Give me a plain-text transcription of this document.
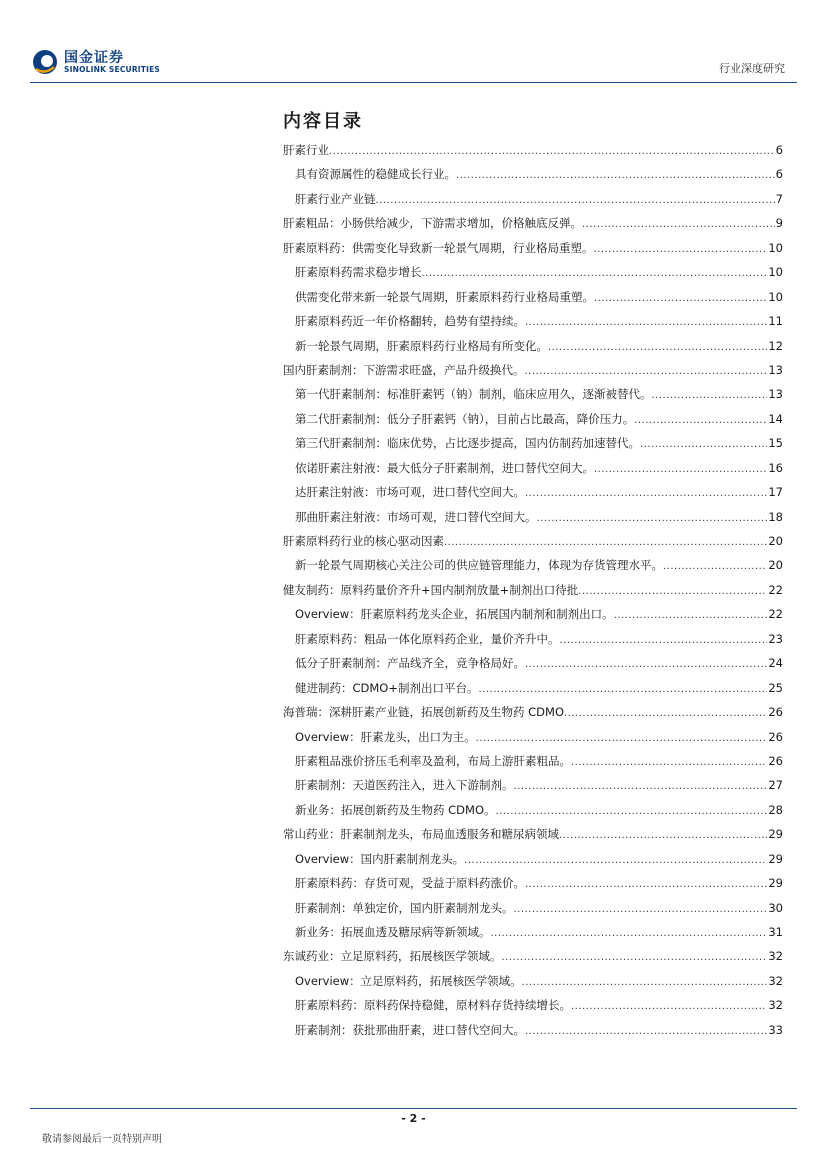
国金证券
SINOLINK SECURITIES	行业深度研究
内容目录
肝素行业 .....	6
具有资源属性的稳健成长行业。 .....	6
肝素行业产业链 .....	7
肝素粗品：小肠供给减少，下游需求增加，价格触底反弹。 .....	9
肝素原料药：供需变化导致新一轮景气周期，行业格局重塑。 .....	10
肝素原料药需求稳步增长 .....	10
供需变化带来新一轮景气周期，肝素原料药行业格局重塑。 .....	10
肝素原料药近一年价格翻转，趋势有望持续。 .....	11
新一轮景气周期，肝素原料药行业格局有所变化。 .....	12
国内肝素制剂：下游需求旺盛，产品升级换代。 .....	13
第一代肝素制剂：标准肝素钙（钠）制剂，临床应用久，逐渐被替代。 .....	13
第二代肝素制剂：低分子肝素钙（钠），目前占比最高，降价压力。 .....	14
第三代肝素制剂：临床优势，占比逐步提高，国内仿制药加速替代。 .....	15
依诺肝素注射液：最大低分子肝素制剂，进口替代空间大。 .....	16
达肝素注射液：市场可观，进口替代空间大。 .....	17
那曲肝素注射液：市场可观，进口替代空间大。 .....	18
肝素原料药行业的核心驱动因素 .....	20
新一轮景气周期核心关注公司的供应链管理能力，体现为存货管理水平。 .....	20
健友制药：原料药量价齐升+国内制剂放量+制剂出口待批 .....	22
Overview：肝素原料药龙头企业，拓展国内制剂和制剂出口。 .....	22
肝素原料药：粗品一体化原料药企业，量价齐升中。 .....	23
低分子肝素制剂：产品线齐全，竞争格局好。 .....	24
健进制药：CDMO+制剂出口平台。 .....	25
海普瑞：深耕肝素产业链，拓展创新药及生物药 CDMO .....	26
Overview：肝素龙头，出口为主。 .....	26
肝素粗品涨价挤压毛利率及盈利，布局上游肝素粗品。 .....	26
肝素制剂：天道医药注入，进入下游制剂。 .....	27
新业务：拓展创新药及生物药 CDMO。 .....	28
常山药业：肝素制剂龙头，布局血透服务和糖尿病领域 .....	29
Overview：国内肝素制剂龙头。 .....	29
肝素原料药：存货可观，受益于原料药涨价。 .....	29
肝素制剂：单独定价，国内肝素制剂龙头。 .....	30
新业务：拓展血透及糖尿病等新领域。 .....	31
东诚药业：立足原料药，拓展核医学领域。 .....	32
Overview：立足原料药，拓展核医学领域。 .....	32
肝素原料药：原料药保持稳健，原材料存货持续增长。 .....	32
肝素制剂：获批那曲肝素，进口替代空间大。 .....	33
- 2 -
敬请参阅最后一页特别声明
